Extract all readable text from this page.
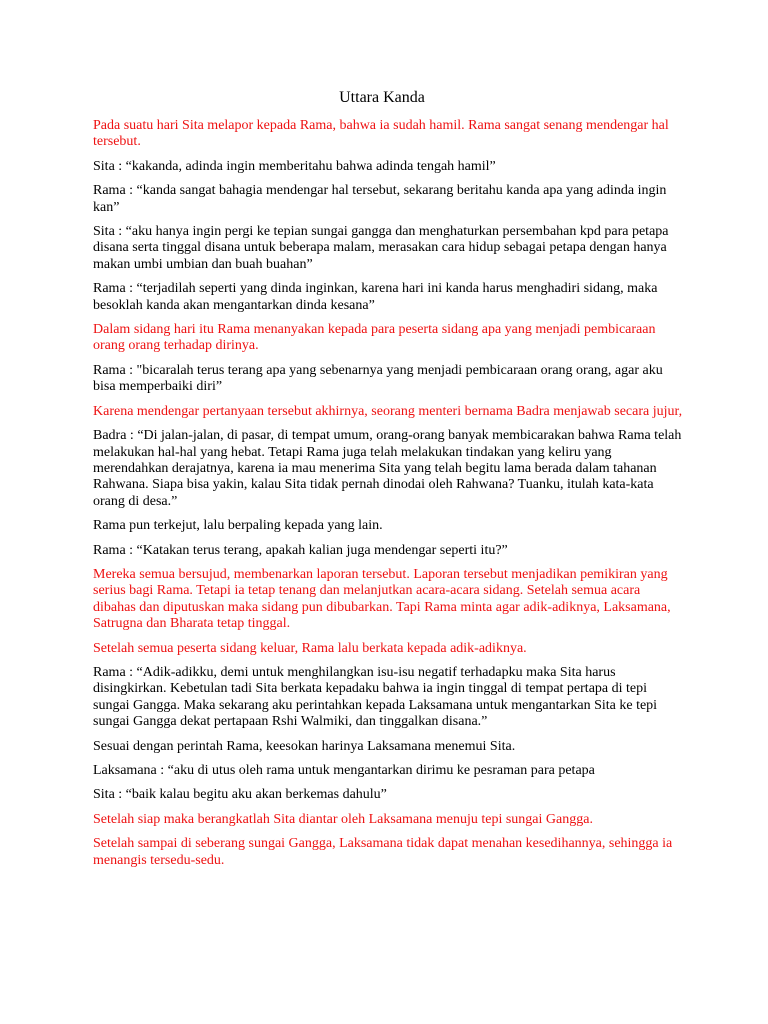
Uttara Kanda

Pada suatu hari Sita melapor kepada Rama, bahwa ia sudah hamil. Rama sangat senang mendengar hal tersebut.

Sita : “kakanda, adinda ingin memberitahu bahwa adinda tengah hamil”

Rama : “kanda sangat bahagia mendengar hal tersebut, sekarang beritahu kanda apa yang adinda ingin kan”

Sita : “aku hanya ingin pergi ke tepian sungai gangga dan menghaturkan persembahan kpd para petapa disana serta tinggal disana untuk beberapa malam, merasakan cara hidup sebagai petapa dengan hanya makan umbi umbian dan buah buahan”

Rama : “terjadilah seperti yang dinda inginkan, karena hari ini kanda harus menghadiri sidang, maka besoklah kanda akan mengantarkan dinda kesana”

Dalam sidang hari itu Rama menanyakan kepada para peserta sidang apa yang menjadi pembicaraan orang orang terhadap dirinya.

Rama : "bicaralah terus terang apa yang sebenarnya yang menjadi pembicaraan orang orang, agar aku bisa memperbaiki diri”

Karena mendengar pertanyaan tersebut akhirnya, seorang menteri bernama Badra menjawab secara jujur,

Badra : “Di jalan-jalan, di pasar, di tempat umum, orang-orang banyak membicarakan bahwa Rama telah melakukan hal-hal yang hebat. Tetapi Rama juga telah melakukan tindakan yang keliru yang merendahkan derajatnya, karena ia mau menerima Sita yang telah begitu lama berada dalam tahanan Rahwana. Siapa bisa yakin, kalau Sita tidak pernah dinodai oleh Rahwana? Tuanku, itulah kata-kata orang di desa.”

Rama pun terkejut, lalu berpaling kepada yang lain.

Rama : “Katakan terus terang, apakah kalian juga mendengar seperti itu?”

Mereka semua bersujud, membenarkan laporan tersebut. Laporan tersebut menjadikan pemikiran yang serius bagi Rama. Tetapi ia tetap tenang dan melanjutkan acara-acara sidang. Setelah semua acara dibahas dan diputuskan maka sidang pun dibubarkan. Tapi Rama minta agar adik-adiknya, Laksamana, Satrugna dan Bharata tetap tinggal.

Setelah semua peserta sidang keluar, Rama lalu berkata kepada adik-adiknya.

Rama : “Adik-adikku, demi untuk menghilangkan isu-isu negatif terhadapku maka Sita harus disingkirkan. Kebetulan tadi Sita berkata kepadaku bahwa ia ingin tinggal di tempat pertapa di tepi sungai Gangga. Maka sekarang aku perintahkan kepada Laksamana untuk mengantarkan Sita ke tepi sungai Gangga dekat pertapaan Rshi Walmiki, dan tinggalkan disana.”

Sesuai dengan perintah Rama, keesokan harinya Laksamana menemui Sita.

Laksamana : “aku di utus oleh rama untuk mengantarkan dirimu ke pesraman para petapa

Sita : “baik kalau begitu aku akan berkemas dahulu”

Setelah siap maka berangkatlah Sita diantar oleh Laksamana menuju tepi sungai Gangga.

Setelah sampai di seberang sungai Gangga, Laksamana tidak dapat menahan kesedihannya, sehingga ia menangis tersedu-sedu.
